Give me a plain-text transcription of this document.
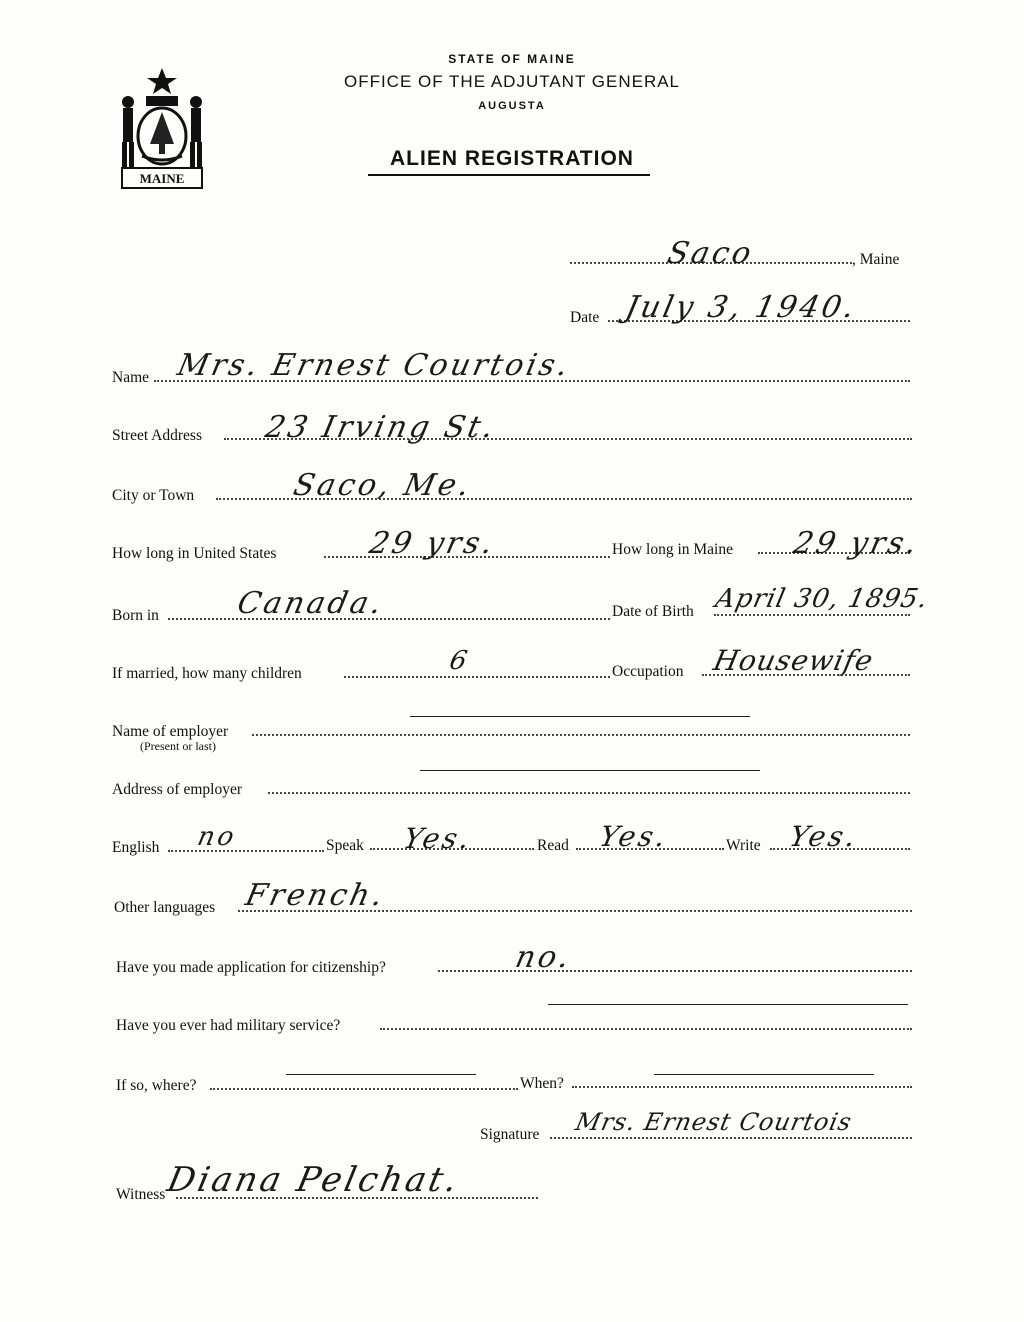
MAINE
STATE OF MAINE
OFFICE OF THE ADJUTANT GENERAL
AUGUSTA
ALIEN REGISTRATION
Saco	, Maine
Date July 3, 1940.
Name Mrs. Ernest Courtois.
Street Address 23 Irving St.
City or Town	Saco, Me.
How long in United States	29 yrs.	How long in Maine 29 yrs.
Born in	Canada.	Date of Birth April 30, 1895.
If married, how many children	6	Occupation Housewife
Name of employer
(Present or last)
Address of employer
English no	Speak Yes.	Read Yes.	Write Yes.
Other languages French.
Have you made application for citizenship?	no.
Have you ever had military service?
If so, where?	When?
Signature Mrs. Ernest Courtois
Witness
Diana Pelchat.
